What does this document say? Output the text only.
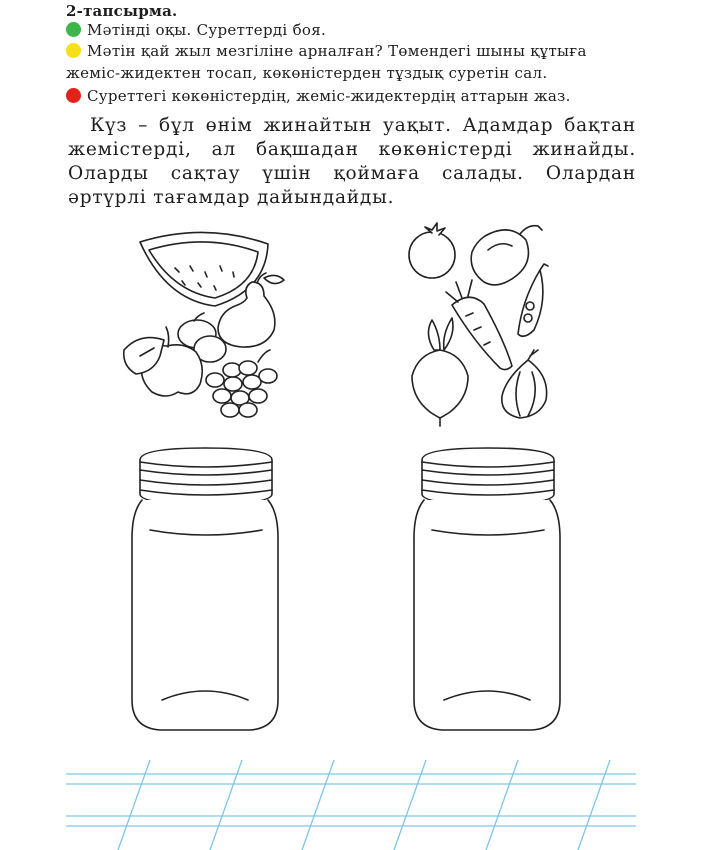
2-тапсырма.
Мәтінді оқы. Суреттерді боя.
Мәтін қай жыл мезгіліне арналған? Төмендегі шыны құтыға жеміс-жидектен тосап, көкөністерден тұздық суретін сал.
Суреттегі көкөністердің, жеміс-жидектердің аттарын жаз.

Күз – бұл өнім жинайтын уақыт. Адамдар бақтан жемістерді, ал бақшадан көкөністерді жинайды. Оларды сақтау үшін қоймаға салады. Олардан әртүрлі тағамдар дайындайды.
